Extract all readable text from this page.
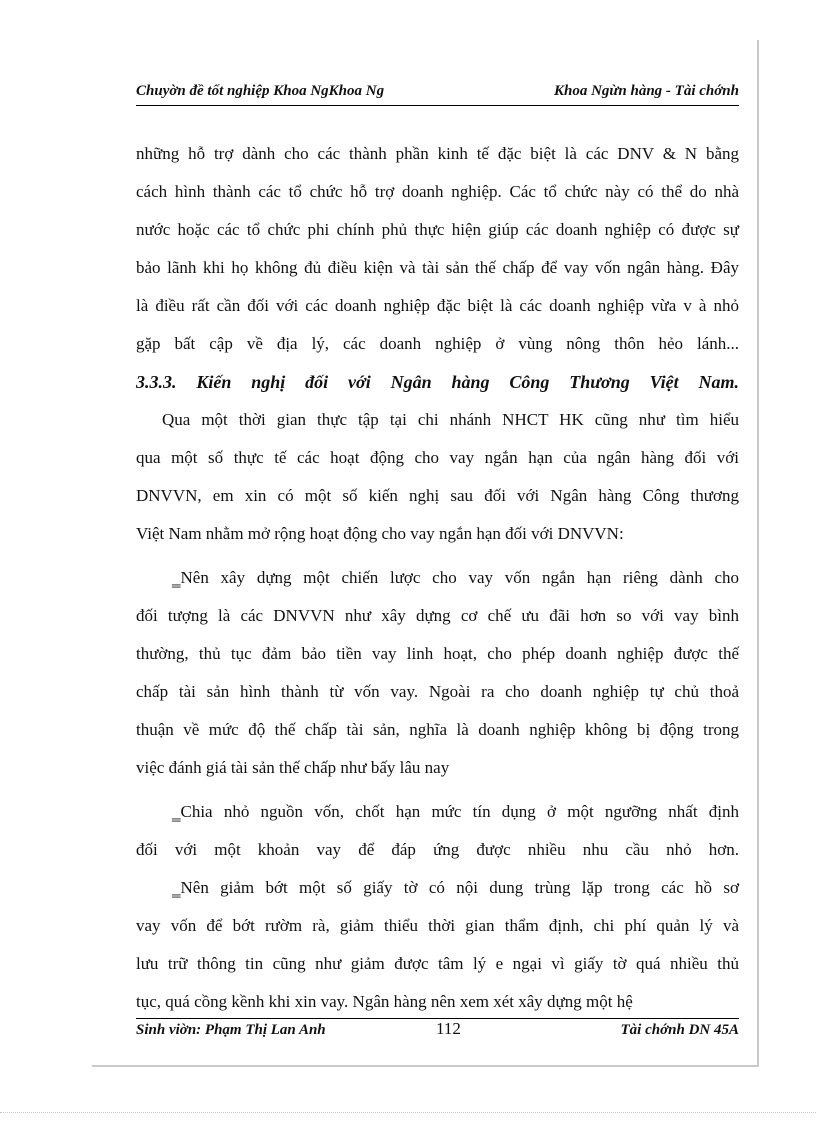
Chuyờn đề tốt nghiệp Khoa NgKhoa Ng	Khoa Ngừn hàng - Tài chớnh
những hỗ trợ dành cho các thành phần kinh tế đặc biệt là các DNV & N bằng
cách hình thành các tổ chức hỗ trợ doanh nghiệp. Các tổ chức này có thể do nhà
nước hoặc các tổ chức phi chính phủ thực hiện giúp các doanh nghiệp có được sự
bảo lãnh khi họ không đủ điều kiện và tài sản thế chấp để vay vốn ngân hàng. Đây
là điều rất cần đối với các doanh nghiệp đặc biệt là các doanh nghiệp vừa v à nhỏ
gặp bất cập về địa lý, các doanh nghiệp ở vùng nông thôn hẻo lánh...
3.3.3. Kiến nghị đối với Ngân hàng Công Thương Việt Nam.
Qua một thời gian thực tập tại chi nhánh NHCT HK cũng như tìm hiểu
qua một số thực tế các hoạt động cho vay ngắn hạn của ngân hàng đối với
DNVVN, em xin có một số kiến nghị sau đối với Ngân hàng Công thương
Việt Nam nhằm mở rộng hoạt động cho vay ngắn hạn đối với DNVVN:
‗Nên xây dựng một chiến lược cho vay vốn ngắn hạn riêng dành cho
đối tượng là các DNVVN như xây dựng cơ chế ưu đãi hơn so với vay bình
thường, thủ tục đảm bảo tiền vay linh hoạt, cho phép doanh nghiệp được thế
chấp tài sản hình thành từ vốn vay. Ngoài ra cho doanh nghiệp tự chủ thoả
thuận về mức độ thế chấp tài sản, nghĩa là doanh nghiệp không bị động trong
việc đánh giá tài sản thế chấp như bấy lâu nay
‗Chia nhỏ nguồn vốn, chốt hạn mức tín dụng ở một ngưỡng nhất định
đối với một khoản vay để đáp ứng được nhiều nhu cầu nhỏ hơn.
‗Nên giảm bớt một số giấy tờ có nội dung trùng lặp trong các hồ sơ
vay vốn để bớt rườm rà, giảm thiểu thời gian thẩm định, chi phí quản lý và
lưu trữ thông tin cũng như giảm được tâm lý e ngại vì giấy tờ quá nhiều thủ
tục, quá cồng kềnh khi xin vay. Ngân hàng nên xem xét xây dựng một hệ
Sinh viờn: Phạm Thị Lan Anh	112	Tài chớnh DN 45A
